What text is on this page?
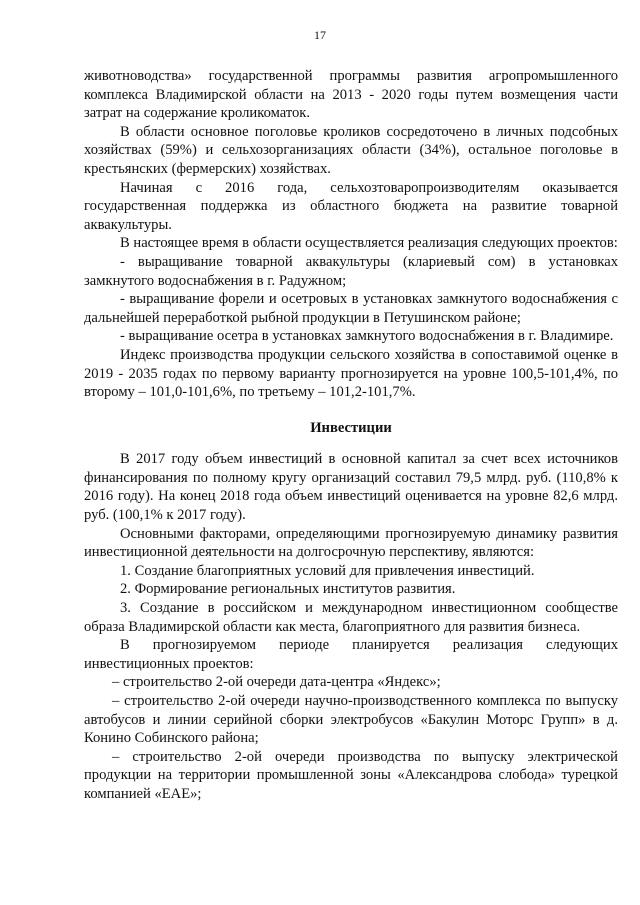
17

животноводства» государственной программы развития агропромышленного комплекса Владимирской области на 2013 - 2020 годы путем возмещения части затрат на содержание кроликоматок.

В области основное поголовье кроликов сосредоточено в личных подсобных хозяйствах (59%) и сельхозорганизациях области (34%), остальное поголовье в крестьянских (фермерских) хозяйствах.

Начиная с 2016 года, сельхозтоваропроизводителям оказывается государственная поддержка из областного бюджета на развитие товарной аквакультуры.

В настоящее время в области осуществляется реализация следующих проектов:

- выращивание товарной аквакультуры (клариевый сом) в установках замкнутого водоснабжения в г. Радужном;

- выращивание форели и осетровых в установках замкнутого водоснабжения с дальнейшей переработкой рыбной продукции в Петушинском районе;

- выращивание осетра в установках замкнутого водоснабжения в г. Владимире.

Индекс производства продукции сельского хозяйства в сопоставимой оценке в 2019 - 2035 годах по первому варианту прогнозируется на уровне 100,5-101,4%, по второму – 101,0-101,6%, по третьему – 101,2-101,7%.

Инвестиции

В 2017 году объем инвестиций в основной капитал за счет всех источников финансирования по полному кругу организаций составил 79,5 млрд. руб. (110,8% к 2016 году). На конец 2018 года объем инвестиций оценивается на уровне 82,6 млрд. руб. (100,1% к 2017 году).

Основными факторами, определяющими прогнозируемую динамику развития инвестиционной деятельности на долгосрочную перспективу, являются:

1. Создание благоприятных условий для привлечения инвестиций.

2. Формирование региональных институтов развития.

3. Создание в российском и международном инвестиционном сообществе образа Владимирской области как места, благоприятного для развития бизнеса.

В прогнозируемом периоде планируется реализация следующих инвестиционных проектов:

– строительство 2-ой очереди дата-центра «Яндекс»;

– строительство 2-ой очереди научно-производственного комплекса по выпуску автобусов и линии серийной сборки электробусов «Бакулин Моторс Групп» в д. Конино Собинского района;

– строительство 2-ой очереди производства по выпуску электрической продукции на территории промышленной зоны «Александрова слобода» турецкой компанией «EAE»;
